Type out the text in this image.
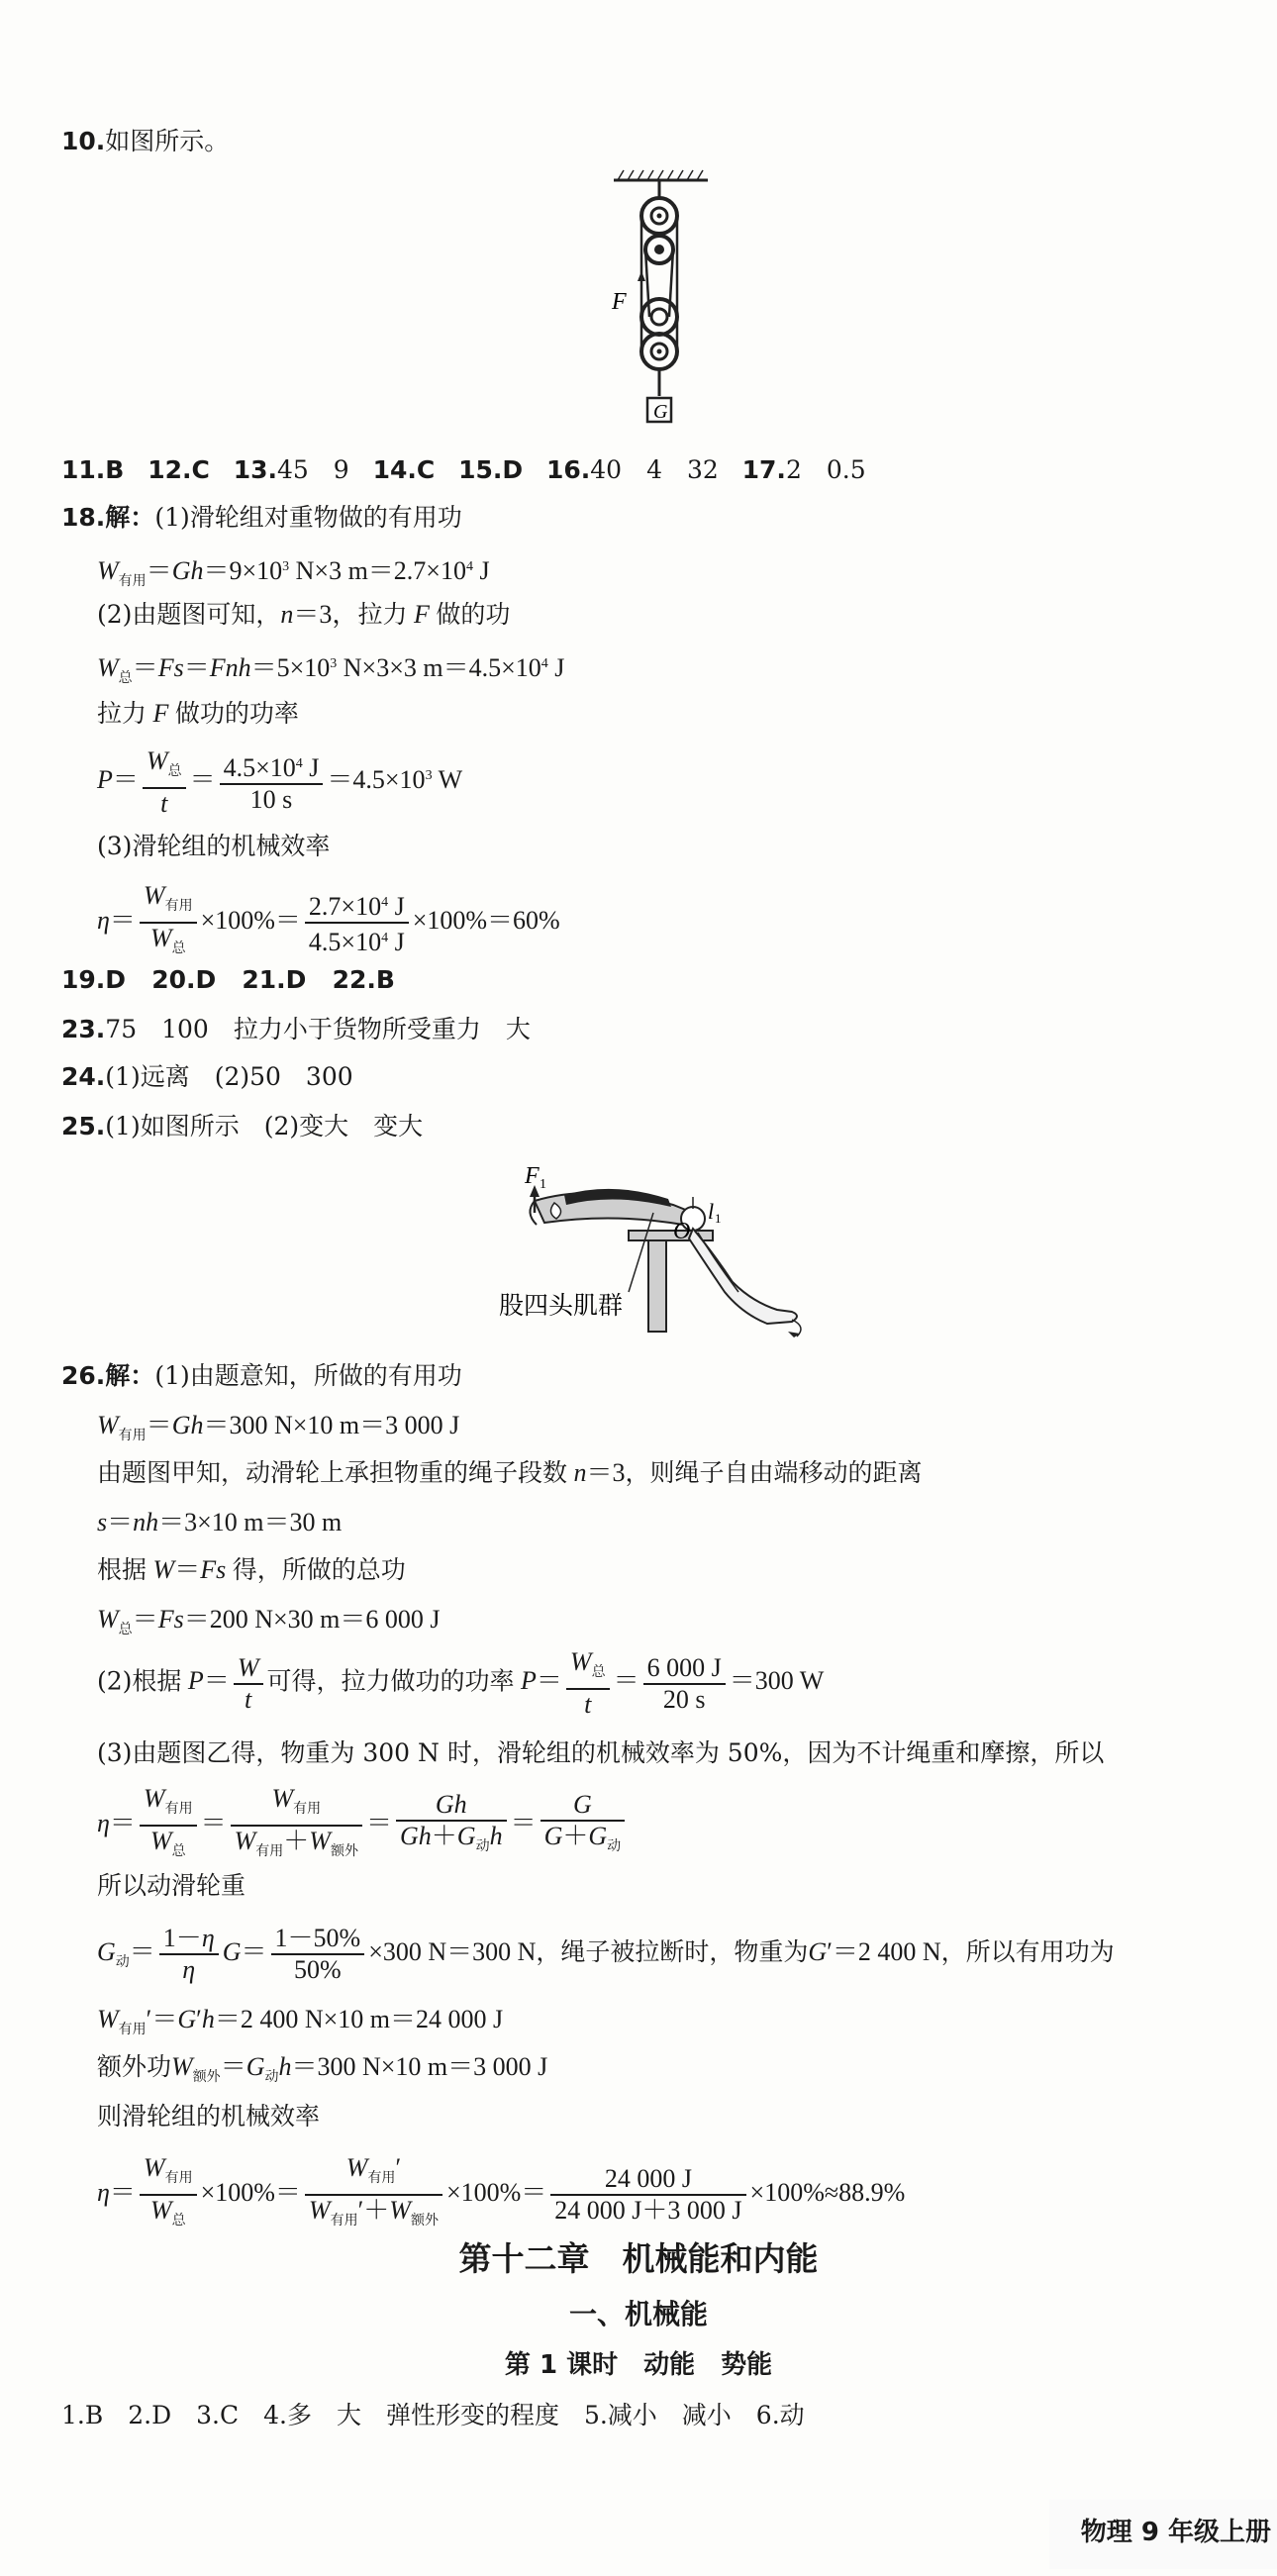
10.如图所示。
F
G
11.B 12.C 13.45　9 14.C 15.D 16.40　4　32 17.2　0.5
18.解：(1)滑轮组对重物做的有用功
$W_{有用}=Gh=9\times 10^3$ N×3 $m=2.7\times 10^4$ J
(2)由题图可知，n＝3，拉力 F 做的功
$W_总=Fs=Fnh=5\times 10^3$ N×3×3 $m=4.5\times 10^4$ J
拉力 F 做功的功率
$P= \frac{W_总}{t} = \frac{4.5\times 10^4 J}{10 s} =4.5\times 10^3$ W
(3)滑轮组的机械效率
$\eta= \frac{W_{有用}}{W_总} \times 100\%= \frac{2.7\times 10^4 J}{4.5\times 10^4 J} \times 100\%=60\%$
19.D 20.D 21.D 22.B
23.75　100　拉力小于货物所受重力　大
24.(1)远离　(2)50　300
25.(1)如图所示　(2)变大　变大
F 1
l 1
O
股四头肌群
26.解：(1)由题意知，所做的有用功
$W_{有用}=Gh=300$ N×10 m＝3 000 J
由题图甲知，动滑轮上承担物重的绳子段数 n＝3，则绳子自由端移动的距离
s＝nh＝3×10 m＝30 m
根据 W＝Fs 得，所做的总功
$W_总=Fs=200$ N×30 m＝6 000 J
(2)根据 $P= \frac{W}{t}$ 可得，拉力做功的功率 $P= \frac{W_总}{t} = \frac{6 000 J}{20 s} =300$ W
(3)由题图乙得，物重为 300 N 时，滑轮组的机械效率为 50%，因为不计绳重和摩擦，所以
$\eta= \frac{W_{有用}}{W_总} = \frac{W_{有用}}{W_{有用}+W_{额外}} = \frac{Gh}{Gh+G_动h} = \frac{G}{G+G_动}$
所以动滑轮重
$G_动= \frac{1-\eta}{\eta} G= \frac{1-50\%}{50\%} \times 300$ N＝300 N，绳子被拉断时，物重为G′＝2 400 N，所以有用功为
$W_{有用}'=G'h=2$ 400 N×10 m＝24 000 J
额外功$W_{额外}=G_动h=300$ N×10 m＝3 000 J
则滑轮组的机械效率
$\eta= \frac{W_{有用}}{W_总} \times 100\%= \frac{W_{有用}'}{W_{有用}'+W_{额外}} \times 100\%= \frac{24 000 J}{24 000 J+3 000 J} \times 100\%\approx 88.9\%$
第十二章　机械能和内能
一、机械能
第 1 课时　动能　势能
1.B　2.D　3.C　4.多　大　弹性形变的程度　5.减小　减小　6.动
物理 9 年级上册
